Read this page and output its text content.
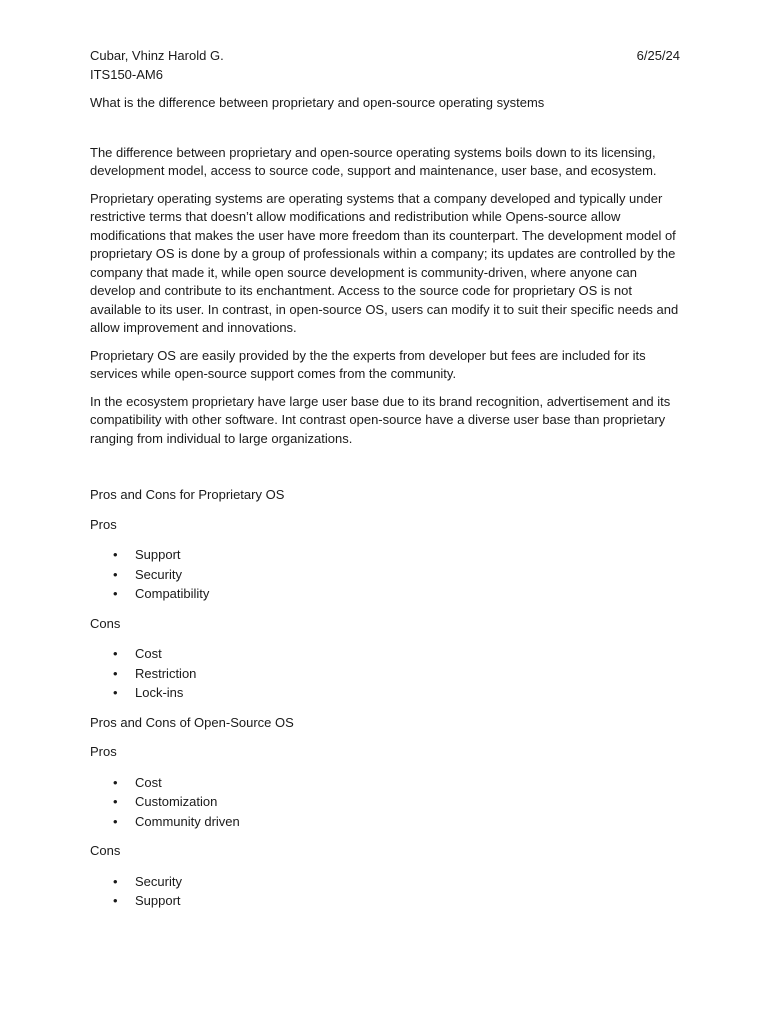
Cubar, Vhinz Harold G.
ITS150-AM6
6/25/24

What is the difference between proprietary and open-source operating systems

The difference between proprietary and open-source operating systems boils down to its licensing, development model, access to source code, support and maintenance, user base, and ecosystem.

Proprietary operating systems are operating systems that a company developed and typically under restrictive terms that doesn’t allow modifications and redistribution while Opens-source allow modifications that makes the user have more freedom than its counterpart. The development model of proprietary OS is done by a group of professionals within a company; its updates are controlled by the company that made it, while open source development is community-driven, where anyone can develop and contribute to its enchantment. Access to the source code for proprietary OS is not available to its user. In contrast, in open-source OS, users can modify it to suit their specific needs and allow improvement and innovations.

Proprietary OS are easily provided by the the experts from developer but fees are included for its services while open-source support comes from the community.

In the ecosystem proprietary have large user base due to its brand recognition, advertisement and its compatibility with other software. Int contrast open-source have a diverse user base than proprietary ranging from individual to large organizations.

Pros and Cons for Proprietary OS

Pros

• Support
• Security
• Compatibility

Cons

• Cost
• Restriction
• Lock-ins

Pros and Cons of Open-Source OS

Pros

• Cost
• Customization
• Community driven

Cons

• Security
• Support
